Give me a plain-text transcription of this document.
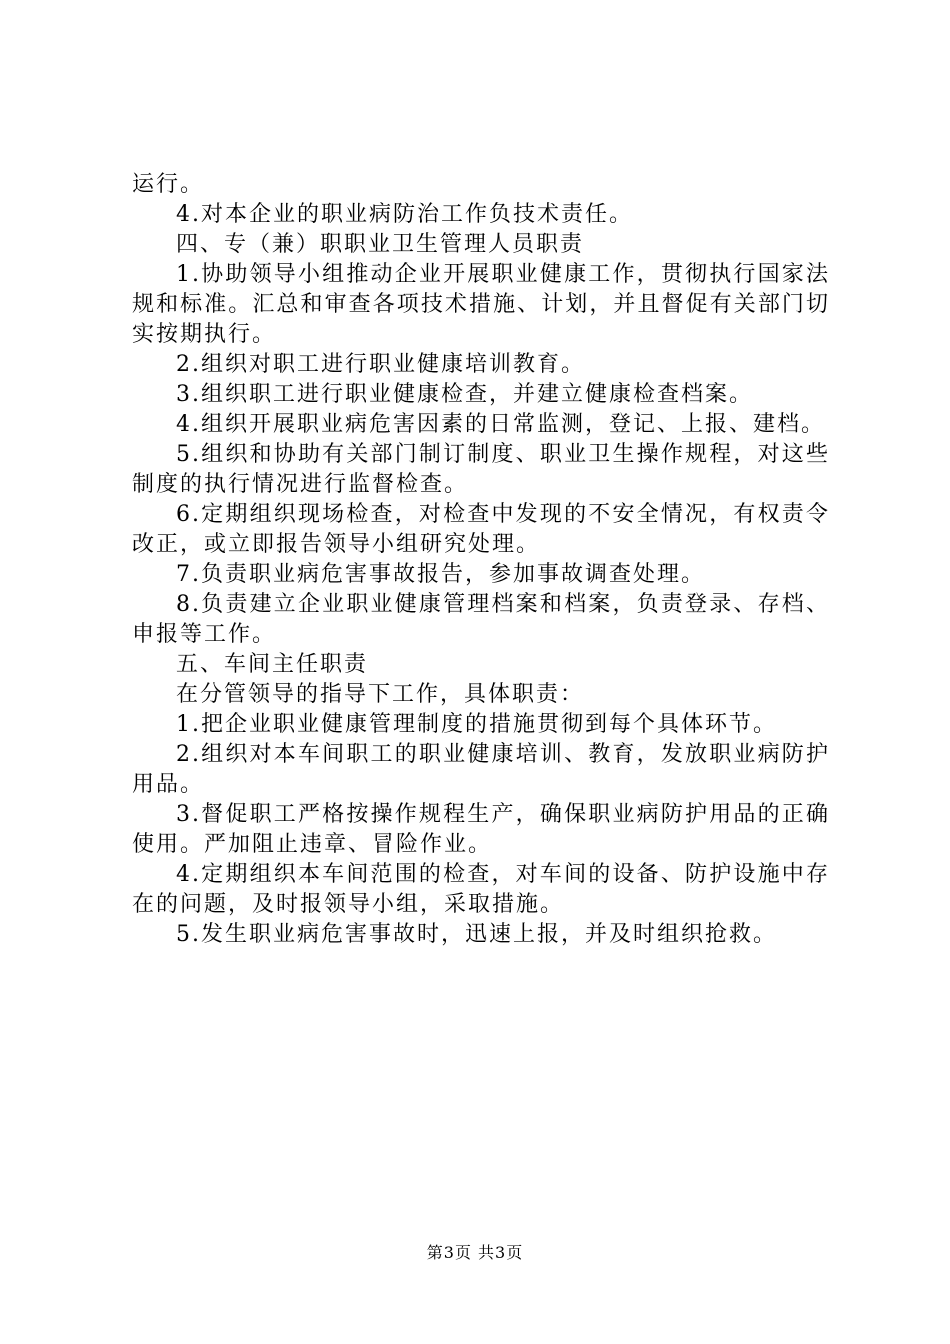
运行。

4.对本企业的职业病防治工作负技术责任。

四、专（兼）职职业卫生管理人员职责

1.协助领导小组推动企业开展职业健康工作，贯彻执行国家法规和标准。汇总和审查各项技术措施、计划，并且督促有关部门切实按期执行。

2.组织对职工进行职业健康培训教育。

3.组织职工进行职业健康检查，并建立健康检查档案。

4.组织开展职业病危害因素的日常监测，登记、上报、建档。

5.组织和协助有关部门制订制度、职业卫生操作规程，对这些制度的执行情况进行监督检查。

6.定期组织现场检查，对检查中发现的不安全情况，有权责令改正，或立即报告领导小组研究处理。

7.负责职业病危害事故报告，参加事故调查处理。

8.负责建立企业职业健康管理档案和档案，负责登录、存档、申报等工作。

五、车间主任职责

在分管领导的指导下工作，具体职责：

1.把企业职业健康管理制度的措施贯彻到每个具体环节。

2.组织对本车间职工的职业健康培训、教育，发放职业病防护用品。

3.督促职工严格按操作规程生产，确保职业病防护用品的正确使用。严加阻止违章、冒险作业。

4.定期组织本车间范围的检查，对车间的设备、防护设施中存在的问题，及时报领导小组，采取措施。

5.发生职业病危害事故时，迅速上报，并及时组织抢救。

第3页 共3页
